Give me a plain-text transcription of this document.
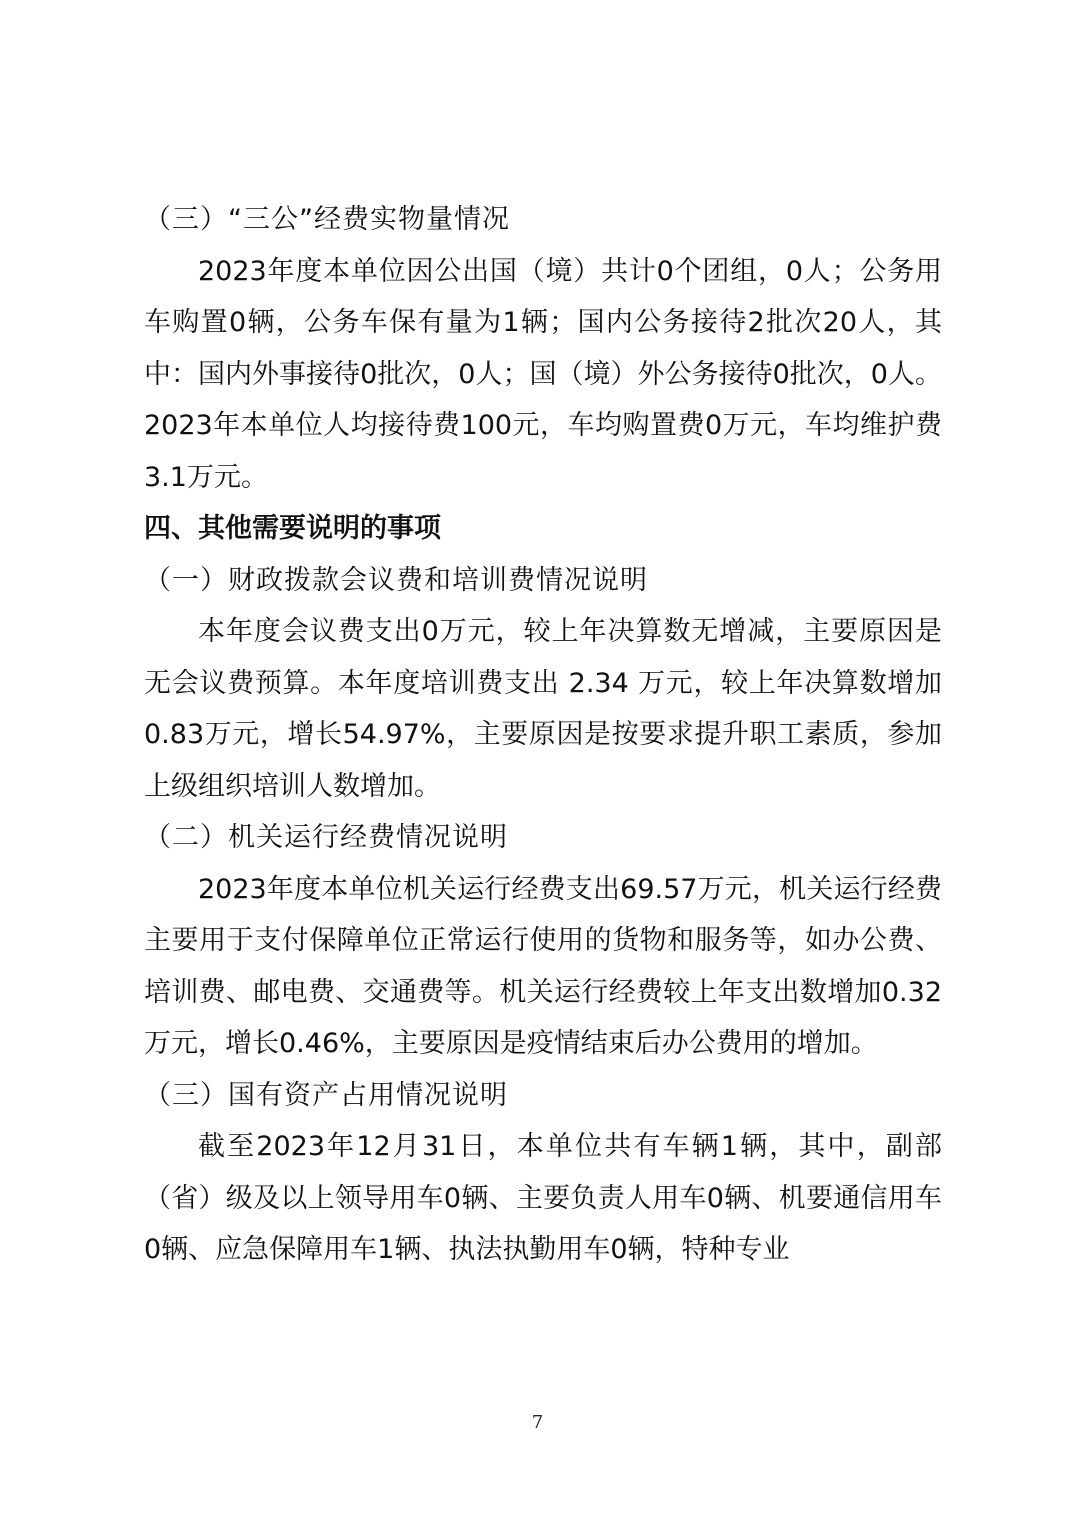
（三）“三公”经费实物量情况

2023年度本单位因公出国（境）共计0个团组，0人；公务用车购置0辆，公务车保有量为1辆；国内公务接待2批次20人，其中：国内外事接待0批次，0人；国（境）外公务接待0批次，0人。2023年本单位人均接待费100元，车均购置费0万元，车均维护费3.1万元。

四、其他需要说明的事项

（一）财政拨款会议费和培训费情况说明

本年度会议费支出0万元，较上年决算数无增减，主要原因是无会议费预算。本年度培训费支出 2.34 万元，较上年决算数增加0.83万元，增长54.97%，主要原因是按要求提升职工素质，参加上级组织培训人数增加。

（二）机关运行经费情况说明

2023年度本单位机关运行经费支出69.57万元，机关运行经费主要用于支付保障单位正常运行使用的货物和服务等，如办公费、培训费、邮电费、交通费等。机关运行经费较上年支出数增加0.32万元，增长0.46%，主要原因是疫情结束后办公费用的增加。

（三）国有资产占用情况说明

截至2023年12月31日，本单位共有车辆1辆，其中，副部（省）级及以上领导用车0辆、主要负责人用车0辆、机要通信用车0辆、应急保障用车1辆、执法执勤用车0辆，特种专业

7
